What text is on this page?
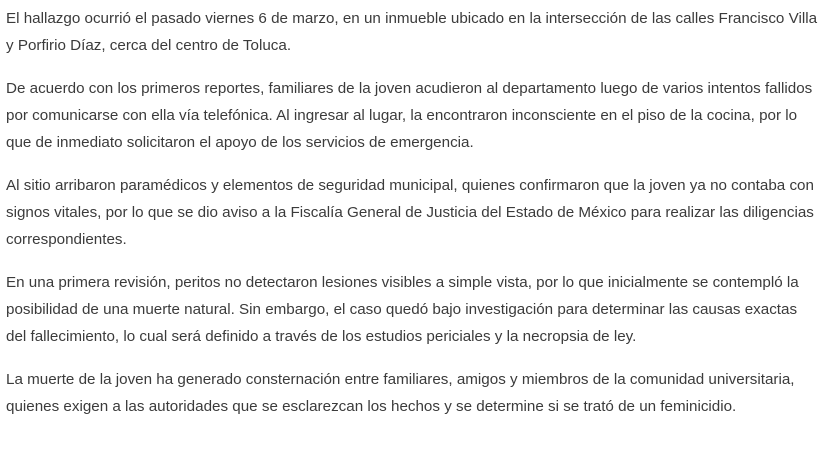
El hallazgo ocurrió el pasado viernes 6 de marzo, en un inmueble ubicado en la intersección de las calles Francisco Villa y Porfirio Díaz, cerca del centro de Toluca.

De acuerdo con los primeros reportes, familiares de la joven acudieron al departamento luego de varios intentos fallidos por comunicarse con ella vía telefónica. Al ingresar al lugar, la encontraron inconsciente en el piso de la cocina, por lo que de inmediato solicitaron el apoyo de los servicios de emergencia.

Al sitio arribaron paramédicos y elementos de seguridad municipal, quienes confirmaron que la joven ya no contaba con signos vitales, por lo que se dio aviso a la Fiscalía General de Justicia del Estado de México para realizar las diligencias correspondientes.

En una primera revisión, peritos no detectaron lesiones visibles a simple vista, por lo que inicialmente se contempló la posibilidad de una muerte natural. Sin embargo, el caso quedó bajo investigación para determinar las causas exactas del fallecimiento, lo cual será definido a través de los estudios periciales y la necropsia de ley.

La muerte de la joven ha generado consternación entre familiares, amigos y miembros de la comunidad universitaria, quienes exigen a las autoridades que se esclarezcan los hechos y se determine si se trató de un feminicidio.
